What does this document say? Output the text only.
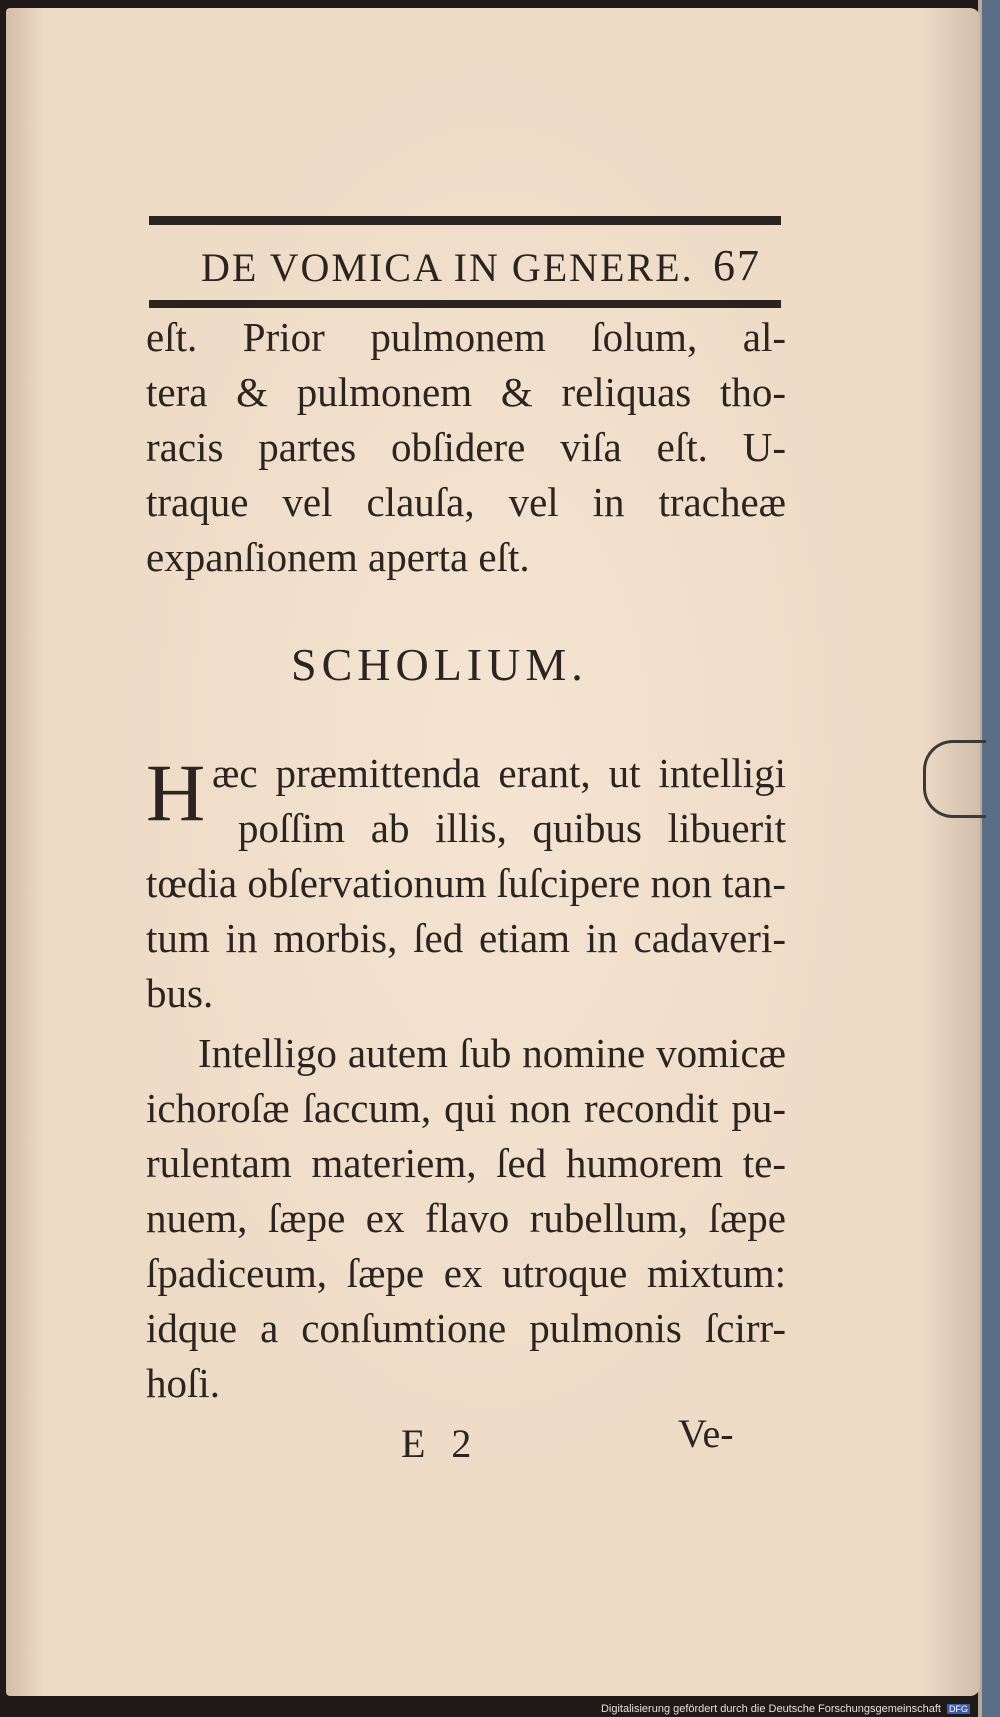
DE VOMICA IN GENERE. 67
eſt. Prior pulmonem ſolum, al-
tera & pulmonem & reliquas tho-
racis partes obſidere viſa eſt. U-
traque vel clauſa, vel in tracheæ
expanſionem aperta eſt.
SCHOLIUM.
H æc præmittenda erant, ut intelligi
poſſim ab illis, quibus libuerit
tœdia obſervationum ſuſcipere non tan-
tum in morbis, ſed etiam in cadaveri-
bus.
Intelligo autem ſub nomine vomicæ
ichoroſæ ſaccum, qui non recondit pu-
rulentam materiem, ſed humorem te-
nuem, ſæpe ex flavo rubellum, ſæpe
ſpadiceum, ſæpe ex utroque mixtum:
idque a conſumtione pulmonis ſcirr-
hoſi.
E 2	Ve-
Digitalisierung gefördert durch die Deutsche Forschungsgemeinschaft DFG
